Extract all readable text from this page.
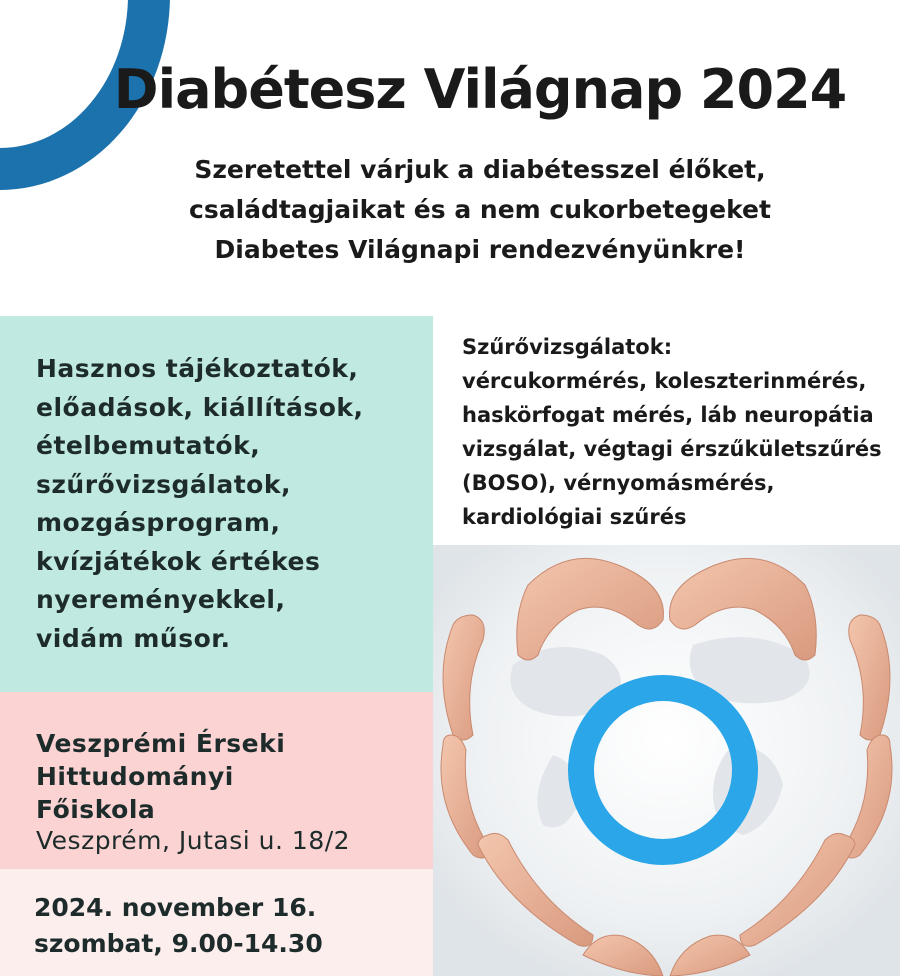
Diabétesz Világnap 2024
Szeretettel várjuk a diabétesszel élőket,
családtagjaikat és a nem cukorbetegeket
Diabetes Világnapi rendezvényünkre!
Hasznos tájékoztatók,
előadások, kiállítások,
ételbemutatók,
szűrővizsgálatok,
mozgásprogram,
kvízjátékok értékes
nyereményekkel,
vidám műsor.
Veszprémi Érseki
Hittudományi
Főiskola
Veszprém, Jutasi u. 18/2
2024. november 16.
szombat, 9.00-14.30
Szűrővizsgálatok:
vércukormérés, koleszterinmérés,
haskörfogat mérés, láb neuropátia
vizsgálat, végtagi érszűkületszűrés
(BOSO), vérnyomásmérés,
kardiológiai szűrés
